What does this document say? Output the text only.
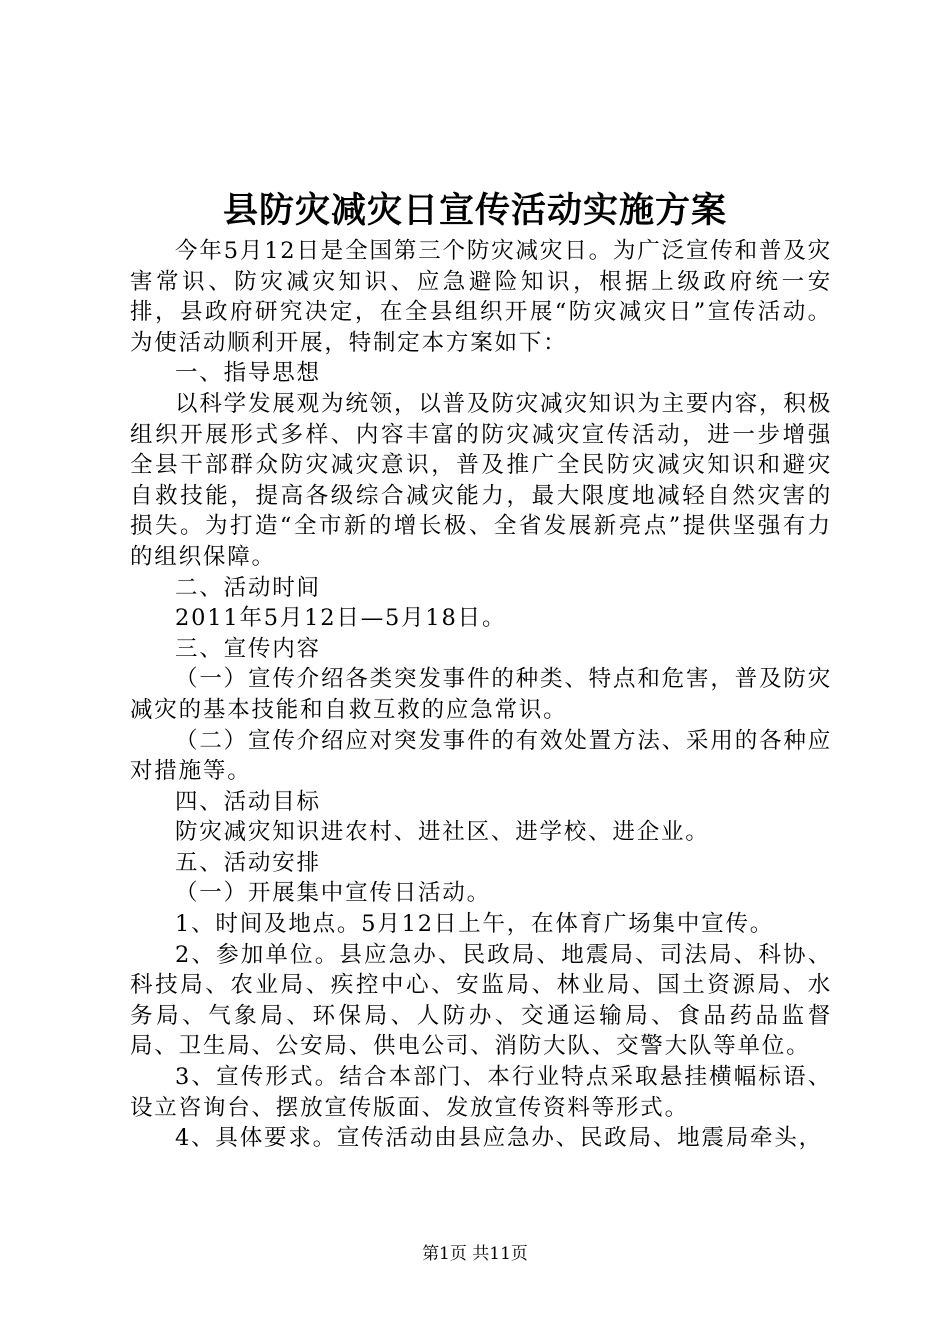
县防灾减灾日宣传活动实施方案

今年5月12日是全国第三个防灾减灾日。为广泛宣传和普及灾害常识、防灾减灾知识、应急避险知识，根据上级政府统一安排，县政府研究决定，在全县组织开展“防灾减灾日”宣传活动。为使活动顺利开展，特制定本方案如下：

一、指导思想

以科学发展观为统领，以普及防灾减灾知识为主要内容，积极组织开展形式多样、内容丰富的防灾减灾宣传活动，进一步增强全县干部群众防灾减灾意识，普及推广全民防灾减灾知识和避灾自救技能，提高各级综合减灾能力，最大限度地减轻自然灾害的损失。为打造“全市新的增长极、全省发展新亮点”提供坚强有力的组织保障。

二、活动时间

2011年5月12日—5月18日。

三、宣传内容

（一）宣传介绍各类突发事件的种类、特点和危害，普及防灾减灾的基本技能和自救互救的应急常识。

（二）宣传介绍应对突发事件的有效处置方法、采用的各种应对措施等。

四、活动目标

防灾减灾知识进农村、进社区、进学校、进企业。

五、活动安排

（一）开展集中宣传日活动。

1、时间及地点。5月12日上午，在体育广场集中宣传。

2、参加单位。县应急办、民政局、地震局、司法局、科协、科技局、农业局、疾控中心、安监局、林业局、国土资源局、水务局、气象局、环保局、人防办、交通运输局、食品药品监督局、卫生局、公安局、供电公司、消防大队、交警大队等单位。

3、宣传形式。结合本部门、本行业特点采取悬挂横幅标语、设立咨询台、摆放宣传版面、发放宣传资料等形式。

4、具体要求。宣传活动由县应急办、民政局、地震局牵头，

第1页 共11页
